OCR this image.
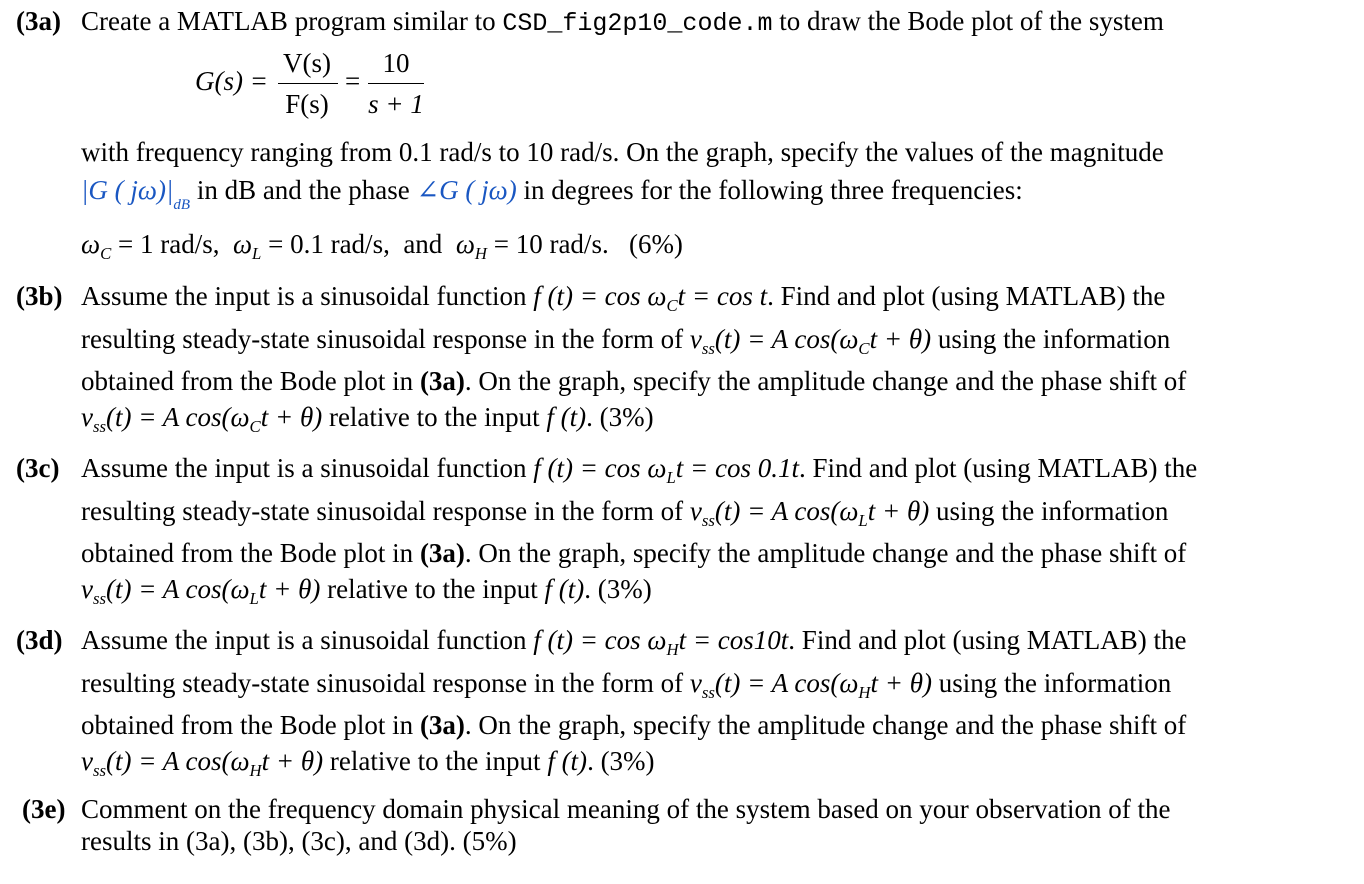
(3a) Create a MATLAB program similar to CSD_fig2p10_code.m to draw the Bode plot of the system
G(s) =
V(s)
F(s)
=
10
s + 1
with frequency ranging from 0.1 rad/s to 10 rad/s. On the graph, specify the values of the magnitude
|G ( $j\omega)|_{dB}$ in dB and the phase ∠G ( jω) in degrees for the following three frequencies:
$\omega_C = 1$ rad/s, $\omega_L = 0.1$ rad/s, and $\omega_H = 10$ rad/s. (6%)
(3b) Assume the input is a sinusoidal function f $(t) = \cos \omega_Ct = \cos t$. Find and plot (using MATLAB) the
resulting steady-state sinusoidal response in the form of $v_{ss}(t) = A$ $\cos(\omega_Ct + \theta)$ using the information
obtained from the Bode plot in (3a). On the graph, specify the amplitude change and the phase shift of
$v_{ss}(t) = A$ $\cos(\omega_Ct + \theta)$ relative to the input f (t). (3%)
(3c) Assume the input is a sinusoidal function f $(t) = \cos \omega_Lt = \cos 0.1t$. Find and plot (using MATLAB) the
resulting steady-state sinusoidal response in the form of $v_{ss}(t) = A$ $\cos(\omega_Lt + \theta)$ using the information
obtained from the Bode plot in (3a). On the graph, specify the amplitude change and the phase shift of
$v_{ss}(t) = A$ $\cos(\omega_Lt + \theta)$ relative to the input f (t). (3%)
(3d) Assume the input is a sinusoidal function f $(t) = \cos \omega_Ht = \cos 10t$. Find and plot (using MATLAB) the
resulting steady-state sinusoidal response in the form of $v_{ss}(t) = A$ $\cos(\omega_Ht + \theta)$ using the information
obtained from the Bode plot in (3a). On the graph, specify the amplitude change and the phase shift of
$v_{ss}(t) = A$ $\cos(\omega_Ht + \theta)$ relative to the input f (t). (3%)
(3e) Comment on the frequency domain physical meaning of the system based on your observation of the
results in (3a), (3b), (3c), and (3d). (5%)
